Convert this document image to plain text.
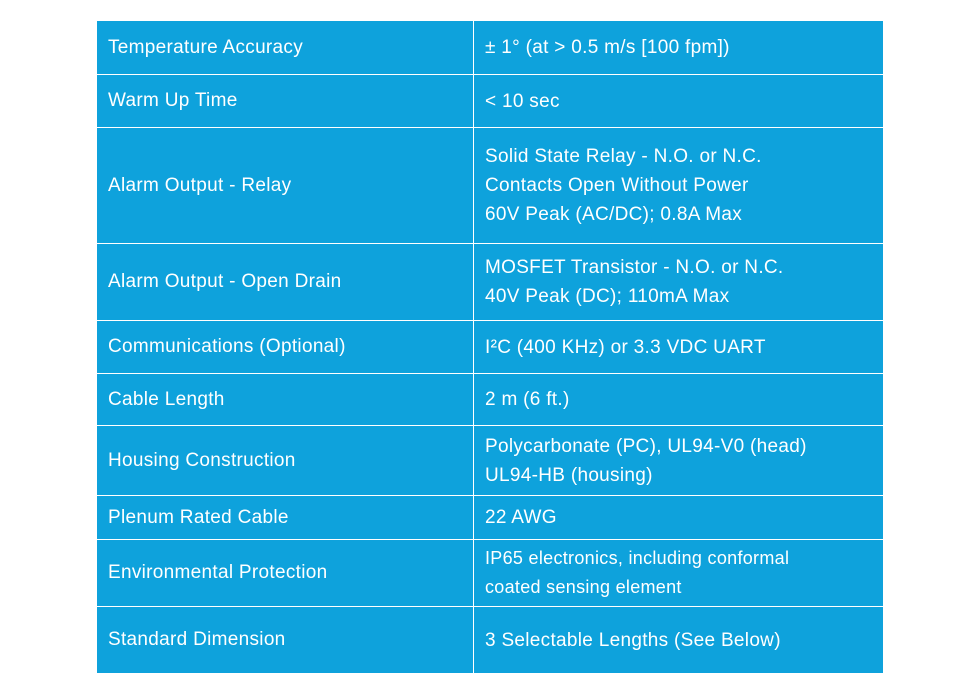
Temperature Accuracy	± 1° (at > 0.5 m/s [100 fpm])

Warm Up Time	< 10 sec

Alarm Output - Relay	Solid State Relay - N.O. or N.C.
Contacts Open Without Power
60V Peak (AC/DC); 0.8A Max

Alarm Output - Open Drain	MOSFET Transistor - N.O. or N.C.
40V Peak (DC); 110mA Max

Communications (Optional)	I²C (400 KHz) or 3.3 VDC UART

Cable Length	2 m (6 ft.)

Housing Construction	Polycarbonate (PC), UL94-V0 (head)
UL94-HB (housing)

Plenum Rated Cable	22 AWG

Environmental Protection	IP65 electronics, including conformal
coated sensing element

Standard Dimension	3 Selectable Lengths (See Below)
